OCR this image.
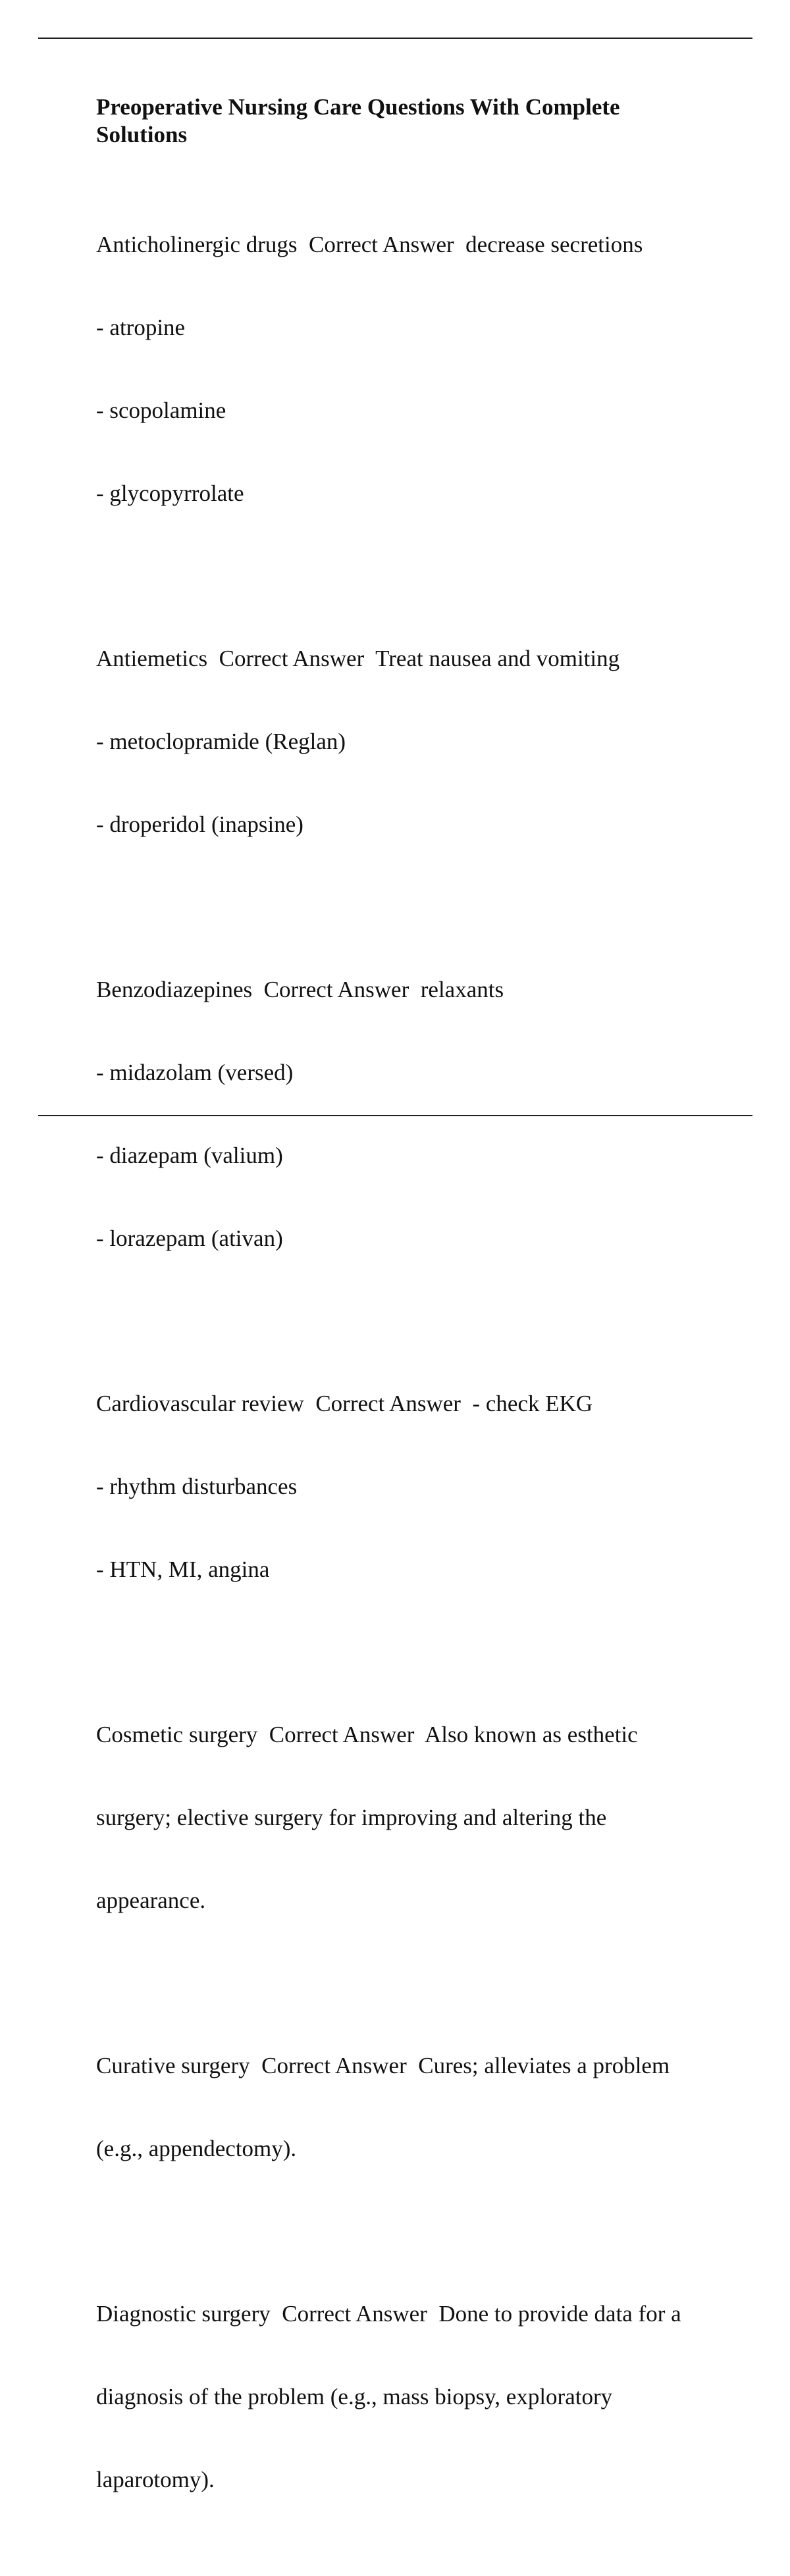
Preoperative Nursing Care Questions With Complete Solutions

Anticholinergic drugs  Correct Answer  decrease secretions

- atropine

- scopolamine

- glycopyrrolate

Antiemetics  Correct Answer  Treat nausea and vomiting

- metoclopramide (Reglan)

- droperidol (inapsine)

Benzodiazepines  Correct Answer  relaxants

- midazolam (versed)

- diazepam (valium)

- lorazepam (ativan)

Cardiovascular review  Correct Answer  - check EKG

- rhythm disturbances

- HTN, MI, angina

Cosmetic surgery  Correct Answer  Also known as esthetic

surgery; elective surgery for improving and altering the

appearance.

Curative surgery  Correct Answer  Cures; alleviates a problem

(e.g., appendectomy).

Diagnostic surgery  Correct Answer  Done to provide data for a

diagnosis of the problem (e.g., mass biopsy, exploratory

laparotomy).
